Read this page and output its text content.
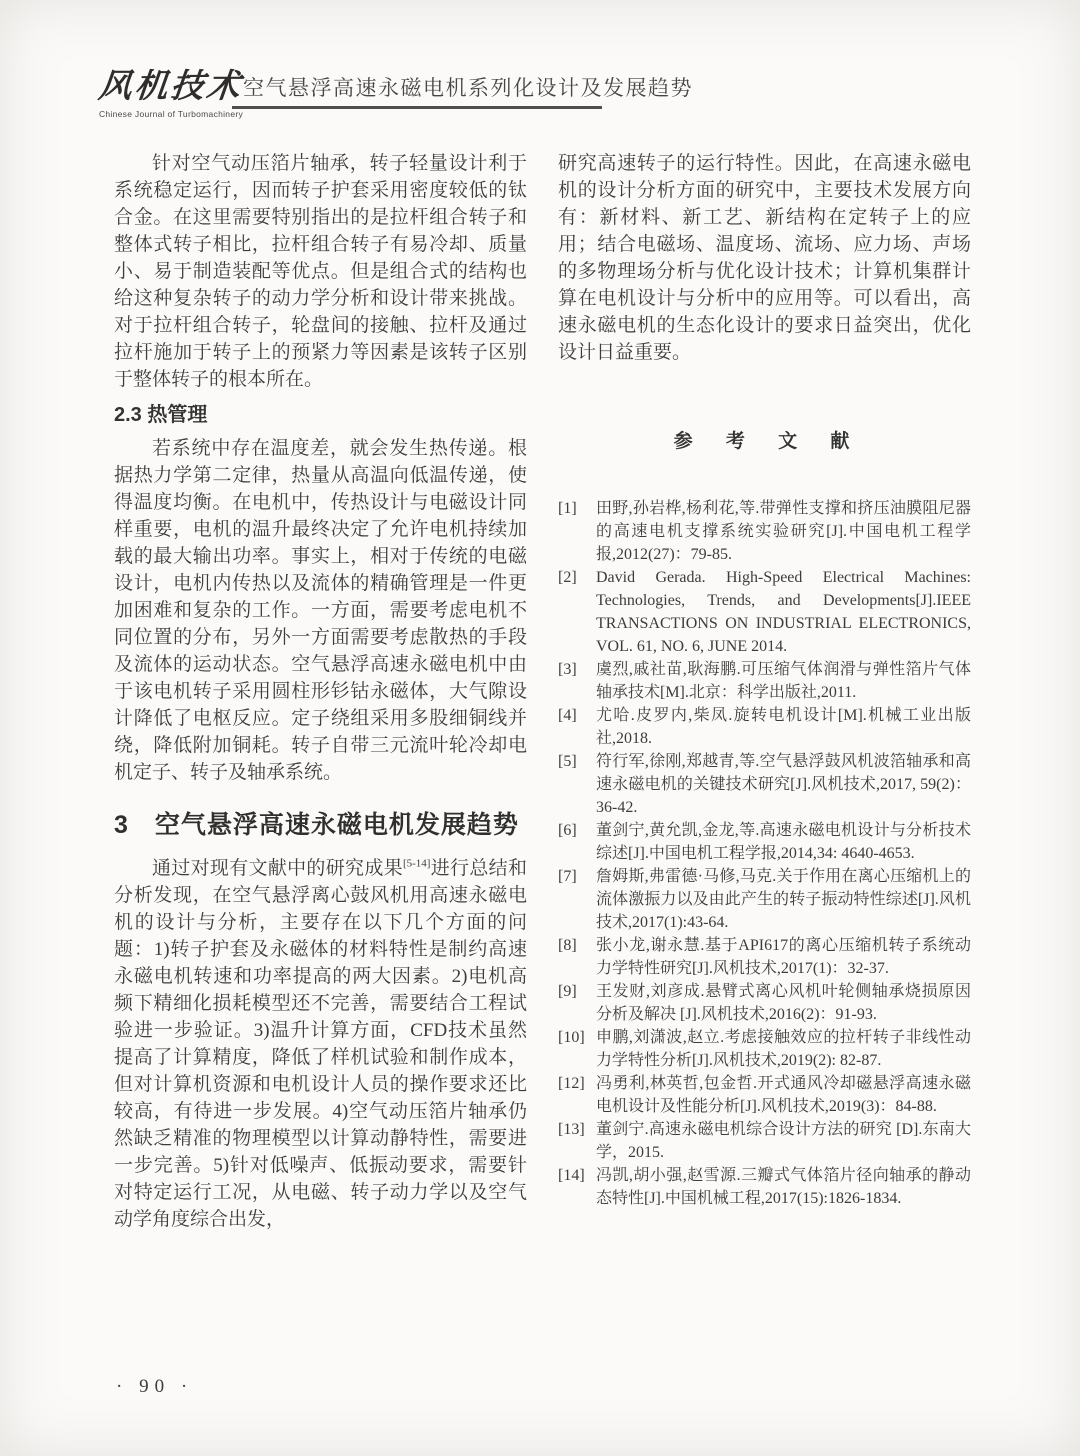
风机技术
Chinese Journal of Turbomachinery
空气悬浮高速永磁电机系列化设计及发展趋势

针对空气动压箔片轴承，转子轻量设计利于系统稳定运行，因而转子护套采用密度较低的钛合金。在这里需要特别指出的是拉杆组合转子和整体式转子相比，拉杆组合转子有易冷却、质量小、易于制造装配等优点。但是组合式的结构也给这种复杂转子的动力学分析和设计带来挑战。对于拉杆组合转子，轮盘间的接触、拉杆及通过拉杆施加于转子上的预紧力等因素是该转子区别于整体转子的根本所在。

2.3 热管理

若系统中存在温度差，就会发生热传递。根据热力学第二定律，热量从高温向低温传递，使得温度均衡。在电机中，传热设计与电磁设计同样重要，电机的温升最终决定了允许电机持续加载的最大输出功率。事实上，相对于传统的电磁设计，电机内传热以及流体的精确管理是一件更加困难和复杂的工作。一方面，需要考虑电机不同位置的分布，另外一方面需要考虑散热的手段及流体的运动状态。空气悬浮高速永磁电机中由于该电机转子采用圆柱形钐钴永磁体，大气隙设计降低了电枢反应。定子绕组采用多股细铜线并绕，降低附加铜耗。转子自带三元流叶轮冷却电机定子、转子及轴承系统。

3 空气悬浮高速永磁电机发展趋势

通过对现有文献中的研究成果[5-14]进行总结和分析发现，在空气悬浮离心鼓风机用高速永磁电机的设计与分析，主要存在以下几个方面的问题：1)转子护套及永磁体的材料特性是制约高速永磁电机转速和功率提高的两大因素。2)电机高频下精细化损耗模型还不完善，需要结合工程试验进一步验证。3)温升计算方面，CFD技术虽然提高了计算精度，降低了样机试验和制作成本，但对计算机资源和电机设计人员的操作要求还比较高，有待进一步发展。4)空气动压箔片轴承仍然缺乏精准的物理模型以计算动静特性，需要进一步完善。5)针对低噪声、低振动要求，需要针对特定运行工况，从电磁、转子动力学以及空气动学角度综合出发，

研究高速转子的运行特性。因此，在高速永磁电机的设计分析方面的研究中，主要技术发展方向有：新材料、新工艺、新结构在定转子上的应用；结合电磁场、温度场、流场、应力场、声场的多物理场分析与优化设计技术；计算机集群计算在电机设计与分析中的应用等。可以看出，高速永磁电机的生态化设计的要求日益突出，优化设计日益重要。

参 考 文 献
[1]	田野,孙岩桦,杨利花,等.带弹性支撑和挤压油膜阻尼器的高速电机支撑系统实验研究[J].中国电机工程学报,2012(27)：79-85.
[2]	David Gerada. High-Speed Electrical Machines: Technologies, Trends, and Developments[J].IEEE TRANSACTIONS ON INDUSTRIAL ELECTRONICS, VOL. 61, NO. 6, JUNE 2014.
[3]	虞烈,戚社苗,耿海鹏.可压缩气体润滑与弹性箔片气体轴承技术[M].北京：科学出版社,2011.
[4]	尤哈.皮罗内,柴凤.旋转电机设计[M].机械工业出版社,2018.
[5]	符行军,徐刚,郑越青,等.空气悬浮鼓风机波箔轴承和高速永磁电机的关键技术研究[J].风机技术,2017, 59(2)：36-42.
[6]	董剑宁,黄允凯,金龙,等.高速永磁电机设计与分析技术综述[J].中国电机工程学报,2014,34: 4640-4653.
[7]	詹姆斯,弗雷德·马修,马克.关于作用在离心压缩机上的流体激振力以及由此产生的转子振动特性综述[J].风机技术,2017(1):43-64.
[8]	张小龙,谢永慧.基于API617的离心压缩机转子系统动力学特性研究[J].风机技术,2017(1)：32-37.
[9]	王发财,刘彦成.悬臂式离心风机叶轮侧轴承烧损原因分析及解决 [J].风机技术,2016(2)：91-93.
[10] 申鹏,刘潇波,赵立.考虑接触效应的拉杆转子非线性动力学特性分析[J].风机技术,2019(2): 82-87.
[12] 冯勇利,林英哲,包金哲.开式通风冷却磁悬浮高速永磁电机设计及性能分析[J].风机技术,2019(3)：84-88.
[13] 董剑宁.高速永磁电机综合设计方法的研究 [D].东南大学，2015.
[14] 冯凯,胡小强,赵雪源.三瓣式气体箔片径向轴承的静动态特性[J].中国机械工程,2017(15):1826-1834.
· 90 ·
